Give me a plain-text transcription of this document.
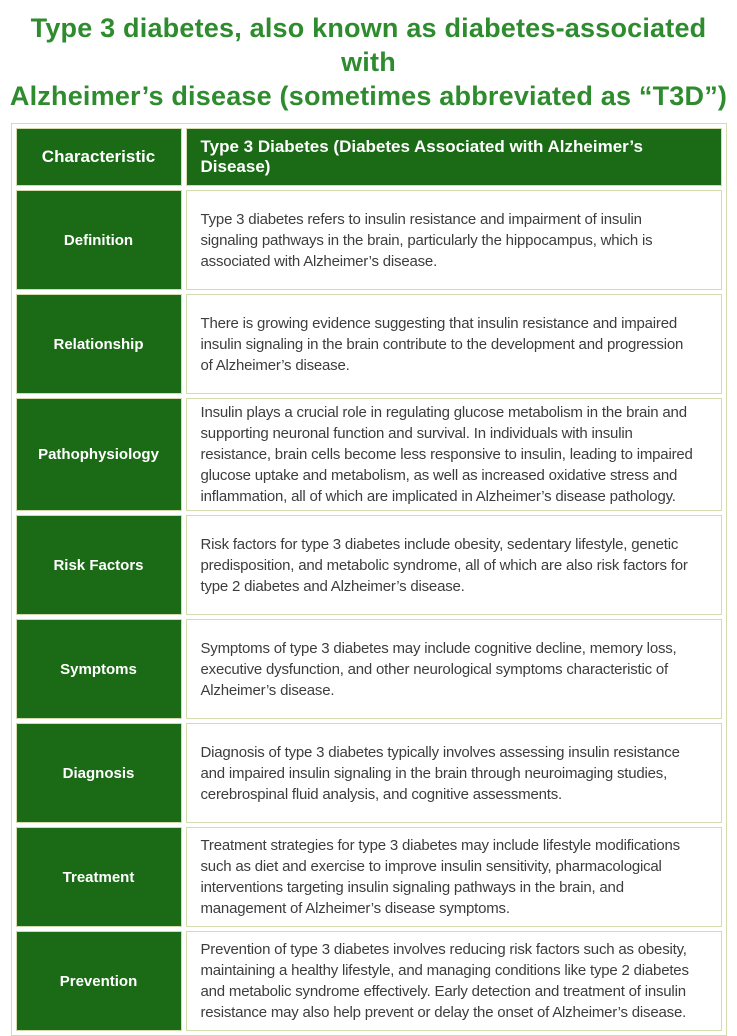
Type 3 diabetes, also known as diabetes-associated with
Alzheimer’s disease (sometimes abbreviated as “T3D”)
Characteristic	Type 3 Diabetes (Diabetes Associated with Alzheimer’s Disease)
Definition	Type 3 diabetes refers to insulin resistance and impairment of insulin signaling pathways in the brain, particularly the hippocampus, which is associated with Alzheimer’s disease.
Relationship	There is growing evidence suggesting that insulin resistance and impaired insulin signaling in the brain contribute to the development and progression of Alzheimer’s disease.
Pathophysiology	Insulin plays a crucial role in regulating glucose metabolism in the brain and supporting neuronal function and survival. In individuals with insulin resistance, brain cells become less responsive to insulin, leading to impaired glucose uptake and metabolism, as well as increased oxidative stress and inflammation, all of which are implicated in Alzheimer’s disease pathology.
Risk Factors	Risk factors for type 3 diabetes include obesity, sedentary lifestyle, genetic predisposition, and metabolic syndrome, all of which are also risk factors for type 2 diabetes and Alzheimer’s disease.
Symptoms	Symptoms of type 3 diabetes may include cognitive decline, memory loss, executive dysfunction, and other neurological symptoms characteristic of Alzheimer’s disease.
Diagnosis	Diagnosis of type 3 diabetes typically involves assessing insulin resistance and impaired insulin signaling in the brain through neuroimaging studies, cerebrospinal fluid analysis, and cognitive assessments.
Treatment	Treatment strategies for type 3 diabetes may include lifestyle modifications such as diet and exercise to improve insulin sensitivity, pharmacological interventions targeting insulin signaling pathways in the brain, and management of Alzheimer’s disease symptoms.
Prevention	Prevention of type 3 diabetes involves reducing risk factors such as obesity, maintaining a healthy lifestyle, and managing conditions like type 2 diabetes and metabolic syndrome effectively. Early detection and treatment of insulin resistance may also help prevent or delay the onset of Alzheimer’s disease.
